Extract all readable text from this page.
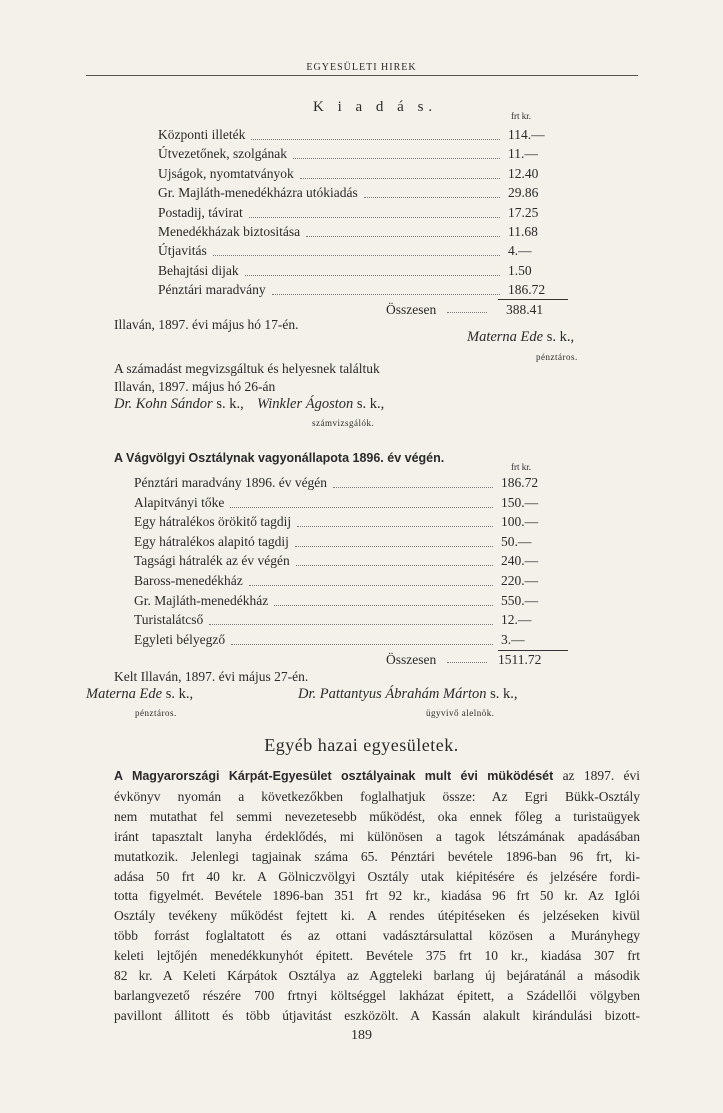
EGYESÜLETI HIREK
K i a d á s.
frt kr.
Központi illeték	114.—
Útvezetőnek, szolgának	11.—
Ujságok, nyomtatványok	12.40
Gr. Majláth-menedékházra utókiadás	29.86
Postadij, távirat	17.25
Menedékházak biztositása	11.68
Útjavitás	4.—
Behajtási dijak	1.50
Pénztári maradvány	186.72
Összesen	388.41
Illaván, 1897. évi május hó 17-én.
Materna Ede s. k.,
pénztáros.
A számadást megvizsgáltuk és helyesnek találtuk
Illaván, 1897. május hó 26-án
Dr. Kohn Sándor s. k., Winkler Ágoston s. k.,
számvizsgálók.
A Vágvölgyi Osztálynak vagyonállapota 1896. év végén.
frt kr.
Pénztári maradvány 1896. év végén	186.72
Alapitványi tőke	150.—
Egy hátralékos örökitő tagdij	100.—
Egy hátralékos alapitó tagdij	50.—
Tagsági hátralék az év végén	240.—
Baross-menedékház	220.—
Gr. Majláth-menedékház	550.—
Turistalátcső	12.—
Egyleti bélyegző	3.—
Összesen	1511.72
Kelt Illaván, 1897. évi május 27-én.
Materna Ede s. k.,	Dr. Pattantyus Ábrahám Márton s. k.,
pénztáros.	ügyvivő alelnök.
Egyéb hazai egyesületek.
A Magyarországi Kárpát-Egyesület osztályainak mult évi müködését az 1897. évi
évkönyv nyomán a következőkben foglalhatjuk össze: Az Egri Bükk-Osztály
nem mutathat fel semmi nevezetesebb működést, oka ennek főleg a turistaügyek
iránt tapasztalt lanyha érdeklődés, mi különösen a tagok létszámának apadásában
mutatkozik. Jelenlegi tagjainak száma 65. Pénztári bevétele 1896-ban 96 frt, ki-
adása 50 frt 40 kr. A Gölniczvölgyi Osztály utak kiépitésére és jelzésére fordi-
totta figyelmét. Bevétele 1896-ban 351 frt 92 kr., kiadása 96 frt 50 kr. Az Iglói
Osztály tevékeny működést fejtett ki. A rendes útépitéseken és jelzéseken kivül
több forrást foglaltatott és az ottani vadásztársulattal közösen a Murányhegy
keleti lejtőjén menedékkunyhót épitett. Bevétele 375 frt 10 kr., kiadása 307 frt
82 kr. A Keleti Kárpátok Osztálya az Aggteleki barlang új bejáratánál a második
barlangvezető részére 700 frtnyi költséggel lakházat épitett, a Szádellői völgyben
pavillont állitott és több útjavitást eszközölt. A Kassán alakult kirándulási bizott-
189
